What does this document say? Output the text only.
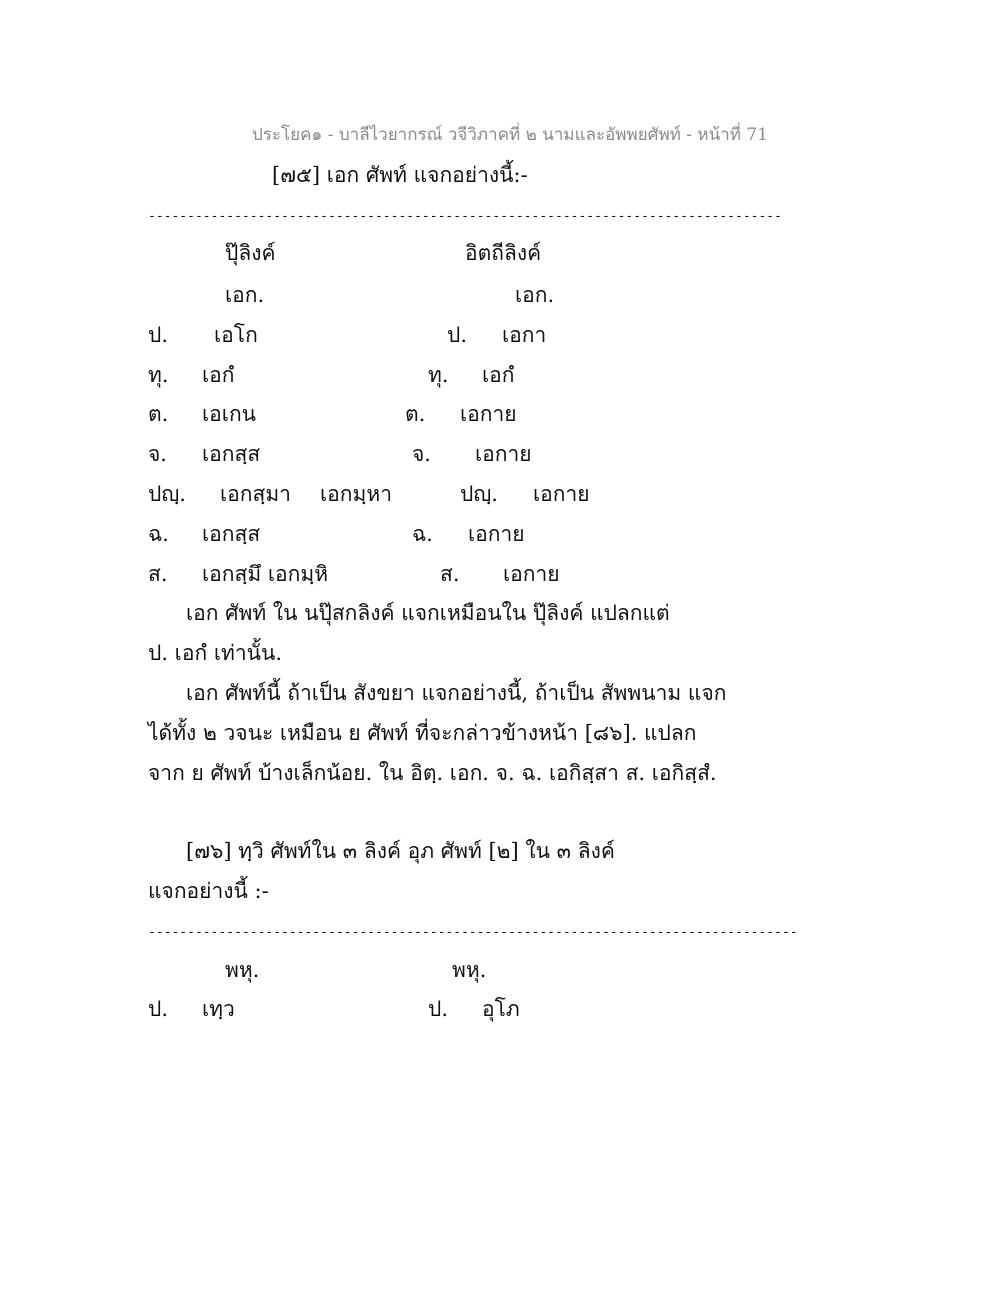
ประโยค๑ - บาลีไวยากรณ์ วจีวิภาคที่ ๒ นามและอัพพยศัพท์ - หน้าที่ 71
[๗๕] เอก ศัพท์ แจกอย่างนี้:-
---------------------------------------------------------------------------------
ปุ๊ลิงค์	อิตถีลิงค์
เอก.	เอก.
ป. เอโก	ป. เอกา
ทุ. เอกํ	ทุ. เอกํ
ต. เอเกน	ต. เอกาย
จ. เอกสฺส	จ. เอกาย
ปญฺ. เอกสฺมา เอกมฺหา	ปญฺ. เอกาย
ฉ. เอกสฺส	ฉ. เอกาย
ส. เอกสฺมึ เอกมฺหิ	ส. เอกาย
เอก ศัพท์ ใน นปุ๊สกลิงค์ แจกเหมือนใน ปุ๊ลิงค์ แปลกแต่
ป. เอกํ เท่านั้น.
เอก ศัพท์นี้ ถ้าเป็น สังขยา แจกอย่างนี้, ถ้าเป็น สัพพนาม แจก
ได้ทั้ง ๒ วจนะ เหมือน ย ศัพท์ ที่จะกล่าวข้างหน้า [๘๖]. แปลก
จาก ย ศัพท์ บ้างเล็กน้อย. ใน อิตฺ. เอก. จ. ฉ. เอกิสฺสา ส. เอกิสฺสํ.
[๗๖] ทฺวิ ศัพท์ใน ๓ ลิงค์ อุภ ศัพท์ [๒] ใน ๓ ลิงค์
แจกอย่างนี้ :-
-----------------------------------------------------------------------------------
พหุ.	พหุ.
ป. เทฺว	ป. อุโภ
